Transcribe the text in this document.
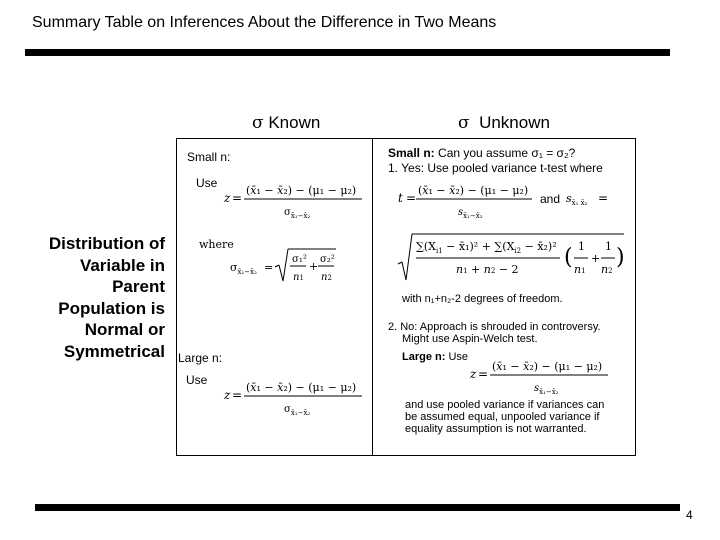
Summary Table on Inferences About the Difference in Two Means
σ Known	σ Unknown
Distribution of
Variable in
Parent
Population is
Normal or
Symmetrical
Small n:
Use
z =
(x̄₁ − x̄₂) − (μ₁ − μ₂)
$\sigma_{x̄_1-x̄_2}$
where
$\sigma_{x̄_1-x̄_2}$ =
σ₁²
n1
+
σ₂²
n2
Large n:
Use
z =
(x̄₁ − x̄₂) − (μ₁ − μ₂)
$\sigma_{x̄_1-x̄_2}$
Small n: Can you assume σ₁ = σ₂?
1. Yes: Use pooled variance t-test where
t =
(x̄₁ − x̄₂) − (μ₁ − μ₂)
$s_{x̄_1-x̄_2}$
and $s_{x̄_1 x̄_2}$ =
$\sum(X_{i1}$ − x̄₁)² + $\sum(X_{i2}$ − x̄₂)²
n1 + n2 − 2 ( 1
n1
+
1
n2
)
with n₁+n₂-2 degrees of freedom.
2. No: Approach is shrouded in controversy.
Might use Aspin-Welch test.
Large n: Use
z =
(x̄₁ − x̄₂) − (μ₁ − μ₂)
$s_{x̄_1-x̄_2}$
and use pooled variance if variances can
be assumed equal, unpooled variance if
equality assumption is not warranted.
4
